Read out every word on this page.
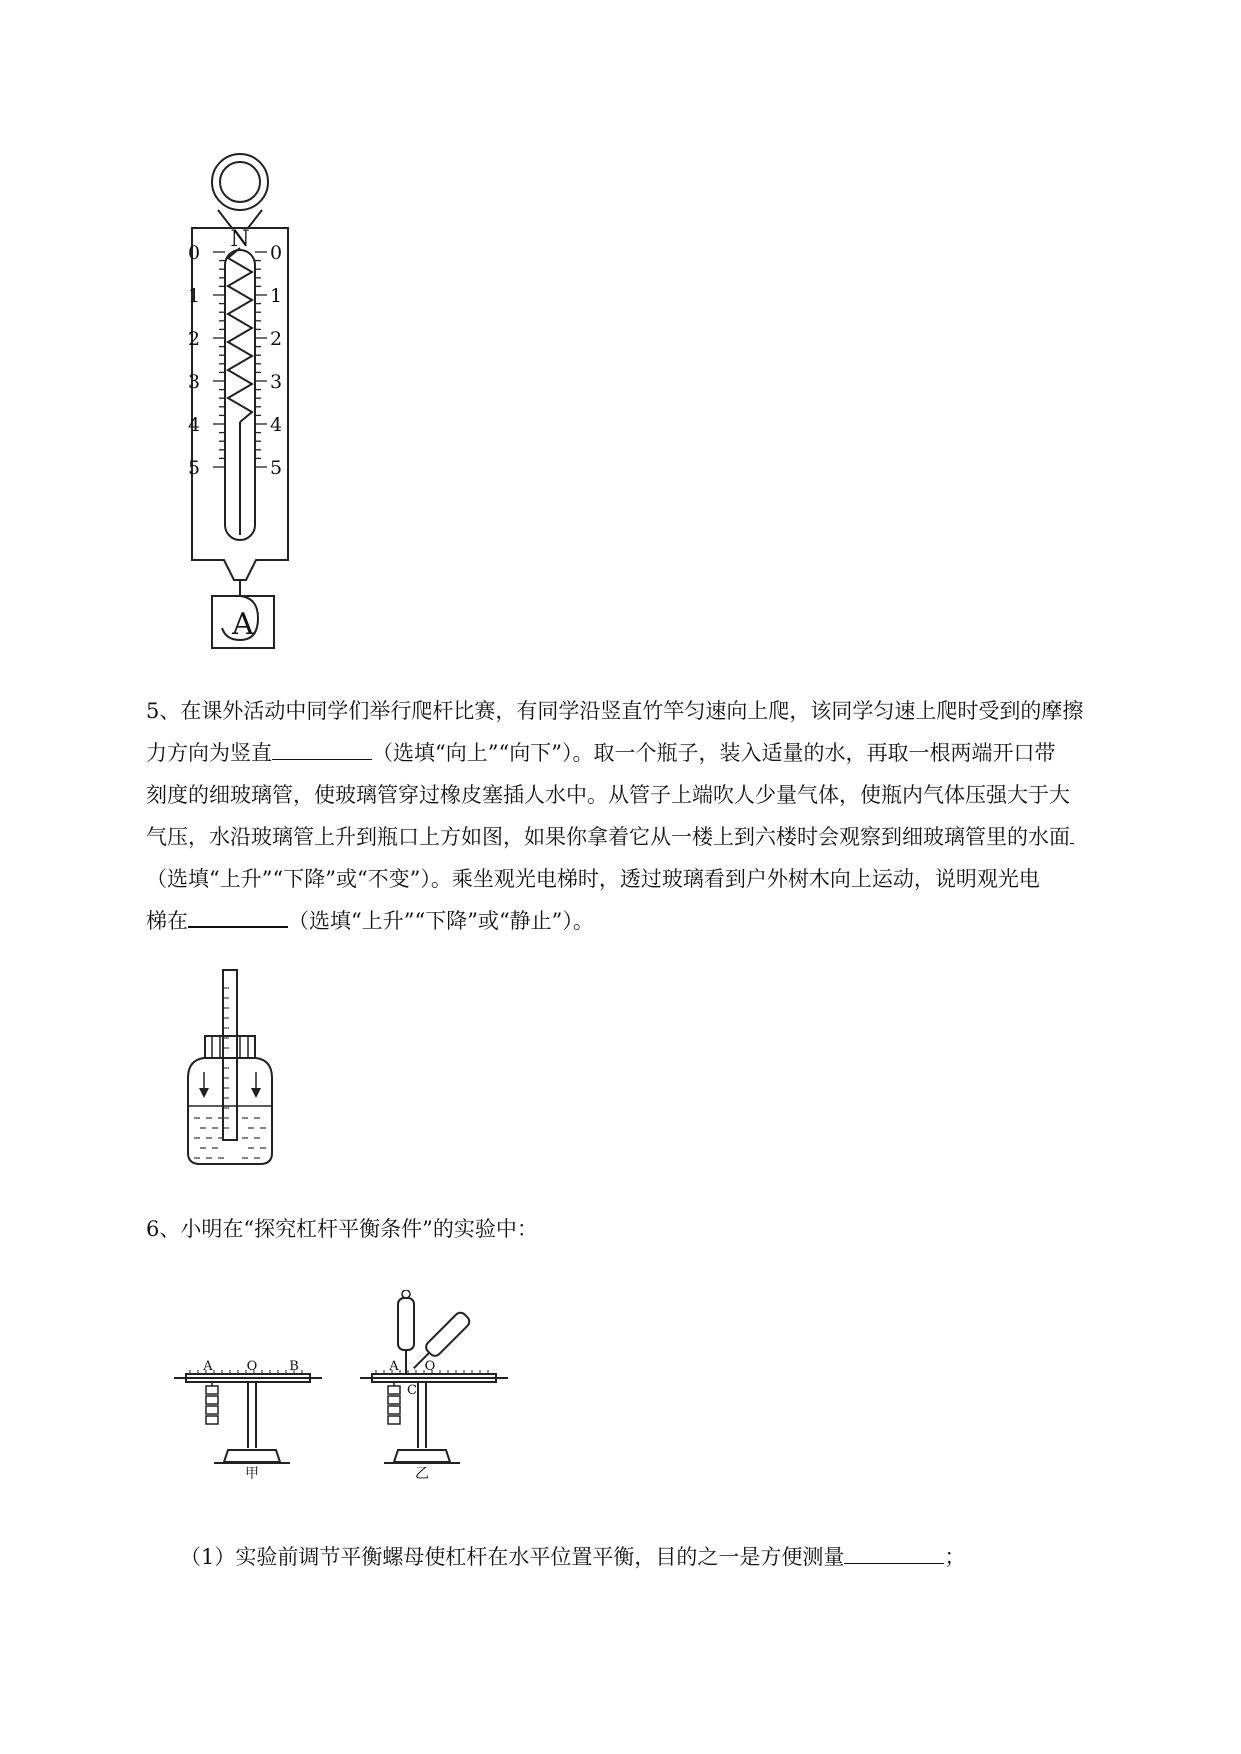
N
0
1
2
3
4
5
0
1
2
3
4
5
A
5、在课外活动中同学们举行爬杆比赛，有同学沿竖直竹竿匀速向上爬，该同学匀速上爬时受到的摩擦
力方向为竖直	（选填“向上”“向下”）。取一个瓶子，装入适量的水，再取一根两端开口带
刻度的细玻璃管，使玻璃管穿过橡皮塞插人水中。从管子上端吹人少量气体，使瓶内气体压强大于大
气压，水沿玻璃管上升到瓶口上方如图，如果你拿着它从一楼上到六楼时会观察到细玻璃管里的水面
（选填“上升”“下降”或“不变”）。乘坐观光电梯时，透过玻璃看到户外树木向上运动，说明观光电
梯在	（选填“上升”“下降”或“静止”）。
6、小明在“探究杠杆平衡条件”的实验中：
A	O B
甲
A O
C
乙
（1）实验前调节平衡螺母使杠杆在水平位置平衡，目的之一是方便测量	；
